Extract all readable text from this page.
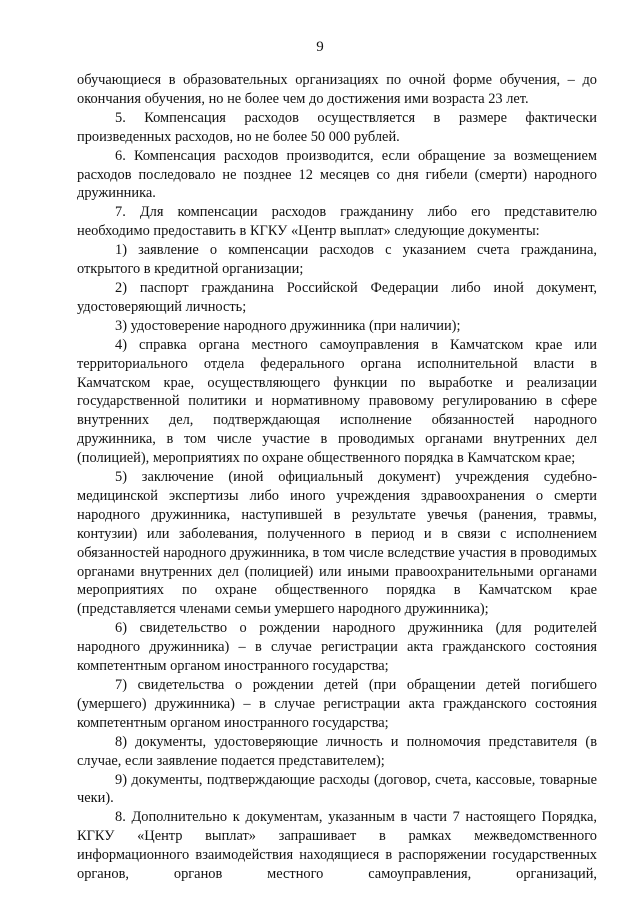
9

обучающиеся в образовательных организациях по очной форме обучения, – до окончания обучения, но не более чем до достижения ими возраста 23 лет.

5. Компенсация расходов осуществляется в размере фактически произведенных расходов, но не более 50 000 рублей.

6. Компенсация расходов производится, если обращение за возмещением расходов последовало не позднее 12 месяцев со дня гибели (смерти) народного дружинника.

7. Для компенсации расходов гражданину либо его представителю необходимо предоставить в КГКУ «Центр выплат» следующие документы:

1) заявление о компенсации расходов с указанием счета гражданина, открытого в кредитной организации;

2) паспорт гражданина Российской Федерации либо иной документ, удостоверяющий личность;

3) удостоверение народного дружинника (при наличии);

4) справка органа местного самоуправления в Камчатском крае или территориального отдела федерального органа исполнительной власти в Камчатском крае, осуществляющего функции по выработке и реализации государственной политики и нормативному правовому регулированию в сфере внутренних дел, подтверждающая исполнение обязанностей народного дружинника, в том числе участие в проводимых органами внутренних дел (полицией), мероприятиях по охране общественного порядка в Камчатском крае;

5) заключение (иной официальный документ) учреждения судебно-медицинской экспертизы либо иного учреждения здравоохранения о смерти народного дружинника, наступившей в результате увечья (ранения, травмы, контузии) или заболевания, полученного в период и в связи с исполнением обязанностей народного дружинника, в том числе вследствие участия в проводимых органами внутренних дел (полицией) или иными правоохранительными органами мероприятиях по охране общественного порядка в Камчатском крае (представляется членами семьи умершего народного дружинника);

6) свидетельство о рождении народного дружинника (для родителей народного дружинника) – в случае регистрации акта гражданского состояния компетентным органом иностранного государства;

7) свидетельства о рождении детей (при обращении детей погибшего (умершего) дружинника) – в случае регистрации акта гражданского состояния компетентным органом иностранного государства;

8) документы, удостоверяющие личность и полномочия представителя (в случае, если заявление подается представителем);

9) документы, подтверждающие расходы (договор, счета, кассовые, товарные чеки).

8. Дополнительно к документам, указанным в части 7 настоящего Порядка, КГКУ «Центр выплат» запрашивает в рамках межведомственного информационного взаимодействия находящиеся в распоряжении государственных органов, органов местного самоуправления, организаций,
